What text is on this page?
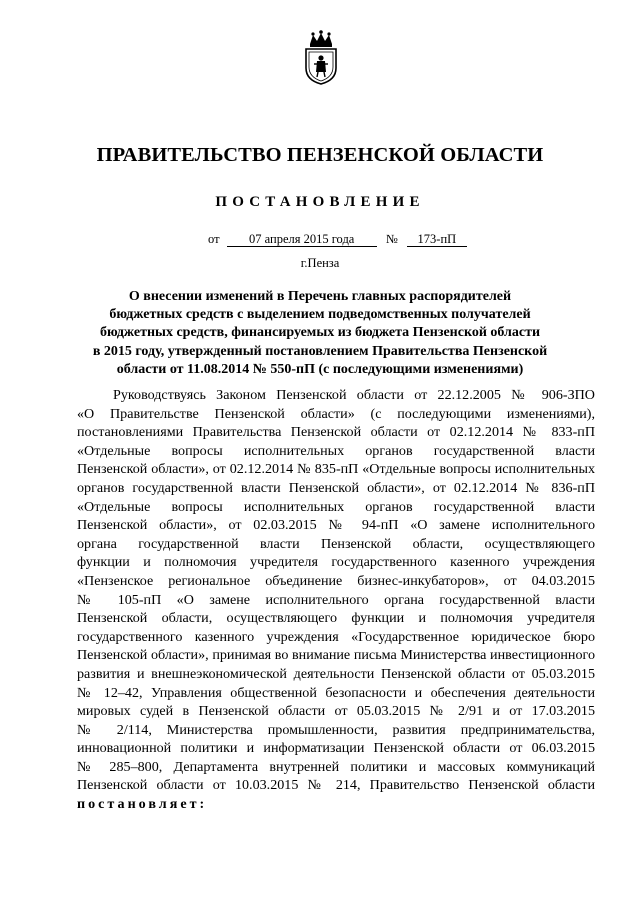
ПРАВИТЕЛЬСТВО ПЕНЗЕНСКОЙ ОБЛАСТИ
ПОСТАНОВЛЕНИЕ
от 07 апреля 2015 года	№ 173-пП
г.Пенза
О внесении изменений в Перечень главных распорядителей
бюджетных средств с выделением подведомственных получателей
бюджетных средств, финансируемых из бюджета Пензенской области
в 2015 году, утвержденный постановлением Правительства Пензенской
области от 11.08.2014 № 550-пП (с последующими изменениями)
Руководствуясь Законом Пензенской области от 22.12.2005 № 906-ЗПО
«О Правительстве Пензенской области» (с последующими изменениями),
постановлениями Правительства Пензенской области от 02.12.2014 № 833-пП
«Отдельные вопросы исполнительных органов государственной власти
Пензенской области», от 02.12.2014 № 835-пП «Отдельные вопросы исполнительных
органов государственной власти Пензенской области», от 02.12.2014 № 836-пП
«Отдельные вопросы исполнительных органов государственной власти
Пензенской области», от 02.03.2015 № 94-пП «О замене исполнительного
органа государственной власти Пензенской области, осуществляющего
функции и полномочия учредителя государственного казенного учреждения
«Пензенское региональное объединение бизнес-инкубаторов», от 04.03.2015
№ 105-пП «О замене исполнительного органа государственной власти
Пензенской области, осуществляющего функции и полномочия учредителя
государственного казенного учреждения «Государственное юридическое бюро
Пензенской области», принимая во внимание письма Министерства инвестиционного
развития и внешнеэкономической деятельности Пензенской области от 05.03.2015
№ 12–42, Управления общественной безопасности и обеспечения деятельности
мировых судей в Пензенской области от 05.03.2015 № 2/91 и от 17.03.2015
№ 2/114, Министерства промышленности, развития предпринимательства,
инновационной политики и информатизации Пензенской области от 06.03.2015
№ 285–800, Департамента внутренней политики и массовых коммуникаций
Пензенской области от 10.03.2015 № 214, Правительство Пензенской области
постановляет:
